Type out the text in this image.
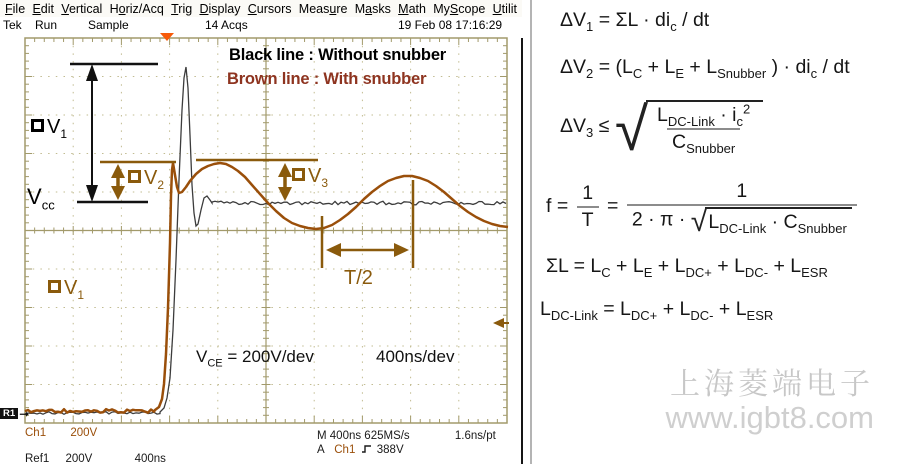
File Edit Vertical Horiz/Acq Trig Display Cursors Measure Masks Math MyScope Utilit
Tek Run	Sample	14 Acqs	19 Feb 08 17:16:29
Black line : Without snubber
Brown line : With snubber
$V_1$
$V_{cc}$
$V_2$	$V_3$
$V_1$
T/2
$V_{CE} = 200V/dev$	400ns/dev
R1 ➞
Ch1 200V	M 400ns 625MS/s	1.6ns/pt
A Ch1 388V
Ref1 200V	400ns
$\Delta V_1 = \Sigma L \cdot di_c$ / dt
$\Delta V_2 = (L_C + L_E + L_{Snubber}$ ) · $di_c$ / dt
$\Delta V_3$ ≤ √ $\frac{L_{DC-Link} \cdot i_c^2}{C_{Snubber}}$
$f = \frac{1}{T} = \frac{1}{2 \cdot \pi \cdot √ L_{DC-Link} \cdot C_{Snubber}}$
$\Sigma L = L_C + L_E + L_{DC+} + L_{DC-} + L_{ESR}$
$L_{DC-Link} = L_{DC+} + L_{DC-} + L_{ESR}$
上海菱端电子
www.igbt8.com
